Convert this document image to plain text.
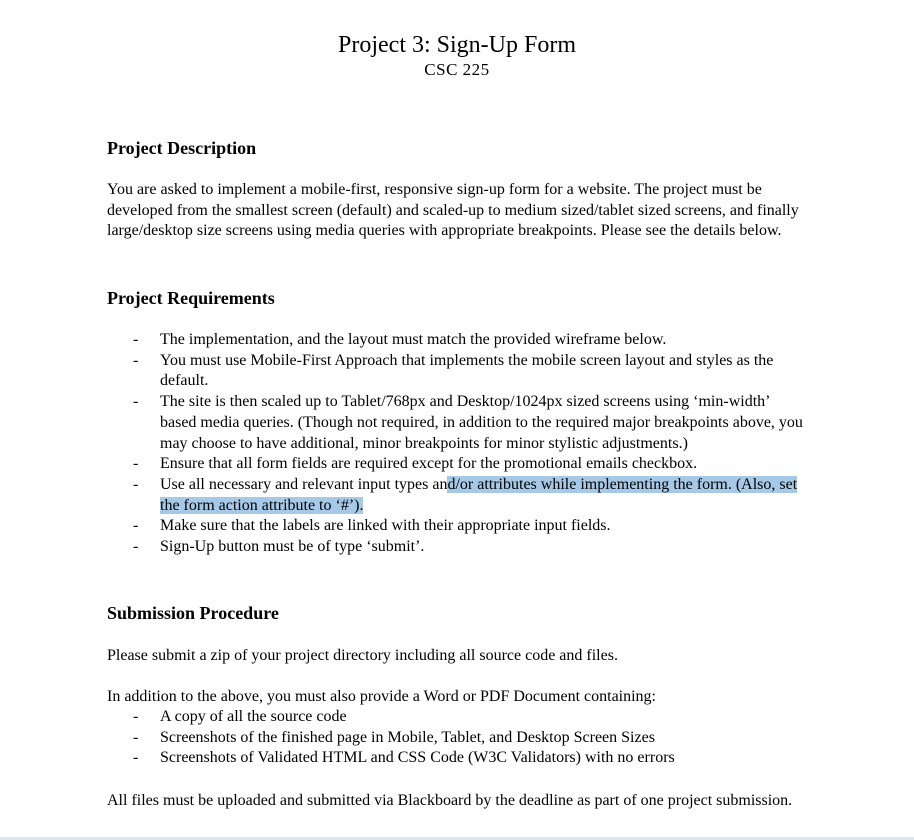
Project 3: Sign-Up Form
CSC 225
Project Description
You are asked to implement a mobile-first, responsive sign-up form for a website. The project must be developed from the smallest screen (default) and scaled-up to medium sized/tablet sized screens, and finally large/desktop size screens using media queries with appropriate breakpoints. Please see the details below.
Project Requirements
- The implementation, and the layout must match the provided wireframe below.
- You must use Mobile-First Approach that implements the mobile screen layout and styles as the default.
- The site is then scaled up to Tablet/768px and Desktop/1024px sized screens using ‘min-width’ based media queries. (Though not required, in addition to the required major breakpoints above, you may choose to have additional, minor breakpoints for minor stylistic adjustments.)
- Ensure that all form fields are required except for the promotional emails checkbox.
- Use all necessary and relevant input types and/or attributes while implementing the form. (Also, set the form action attribute to ‘#’).
- Make sure that the labels are linked with their appropriate input fields.
- Sign-Up button must be of type ‘submit’.
Submission Procedure
Please submit a zip of your project directory including all source code and files.
In addition to the above, you must also provide a Word or PDF Document containing:
- A copy of all the source code
- Screenshots of the finished page in Mobile, Tablet, and Desktop Screen Sizes
- Screenshots of Validated HTML and CSS Code (W3C Validators) with no errors
All files must be uploaded and submitted via Blackboard by the deadline as part of one project submission.
